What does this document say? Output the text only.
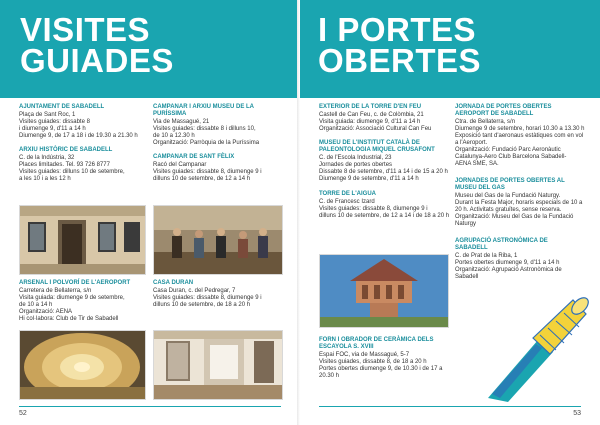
VISITES
GUIADES
AJUNTAMENT DE SABADELL
Plaça de Sant Roc, 1
Visites guiades: dissabte 8
i diumenge 9, d'11 a 14 h
Diumenge 9, de 17 a 18 i de 19.30 a 21.30 h
ARXIU HISTÒRIC DE SABADELL
C. de la Indústria, 32
Places limitades. Tel. 93 726 8777
Visites guiades: dilluns 10 de setembre,
a les 10 i a les 12 h
ARSENAL I POLVORÍ DE L'AEROPORT
Carretera de Bellaterra, s/n
Visita guiada: diumenge 9 de setembre,
de 10 a 14 h
Organització: AENA
Hi col·labora: Club de Tir de Sabadell
CAMPANAR I ARXIU MUSEU DE LA PURÍSSIMA
Via de Massagué, 21
Visites guiades: dissabte 8 i dilluns 10,
de 10 a 12.30 h
Organització: Parròquia de la Puríssima
CAMPANAR DE SANT FÈLIX
Racó del Campanar
Visites guiades: dissabte 8, diumenge 9 i
dilluns 10 de setembre, de 12 a 14 h
CASA DURAN
Casa Duran, c. del Pedregar, 7
Visites guiades: dissabte 8, diumenge 9 i
dilluns 10 de setembre, de 18 a 20 h
52
I PORTES
OBERTES
EXTERIOR DE LA TORRE D'EN FEU
Castell de Can Feu, c. de Colòmbia, 21
Visita guiada: diumenge 9, d'11 a 14 h
Organització: Associació Cultural Can Feu
MUSEU DE L'INSTITUT CATALÀ DE PALEONTOLOGIA MIQUEL CRUSAFONT
C. de l'Escola Industrial, 23
Jornades de portes obertes
Dissabte 8 de setembre, d'11 a 14 i de 15 a 20 h
Diumenge 9 de setembre, d'11 a 14 h
TORRE DE L'AIGUA
C. de Francesc Izard
Visites guiades: dissabte 8, diumenge 9 i
dilluns 10 de setembre, de 12 a 14 i de 18 a 20 h
FORN I OBRADOR DE CERÀMICA DELS ESCAYOLA S. XVIII
Espai FOC, via de Massagué, 5-7
Visites guiades, dissabte 8, de 18 a 20 h
Portes obertes diumenge 9, de 10.30 i de 17 a
20.30 h
JORNADA DE PORTES OBERTES AEROPORT DE SABADELL
Ctra. de Bellaterra, s/n
Diumenge 9 de setembre, horari 10.30 a 13.30 h
Exposició tant d'aeronaus estàtiques com en vol
a l'Aeroport.
Organització: Fundació Parc Aeronàutic Catalunya-Aero Club Barcelona Sabadell- AENA SME, SA.
JORNADES DE PORTES OBERTES AL MUSEU DEL GAS
Museu del Gas de la Fundació Naturgy.
Durant la Festa Major, horaris especials de 10 a
20 h. Activitats gratuïtes, sense reserva.
Organització: Museu del Gas de la Fundació
Naturgy
AGRUPACIÓ ASTRONÒMICA DE SABADELL
C. de Prat de la Riba, 1
Portes obertes diumenge 9, d'11 a 14 h
Organització: Agrupació Astronòmica de
Sabadell
53
